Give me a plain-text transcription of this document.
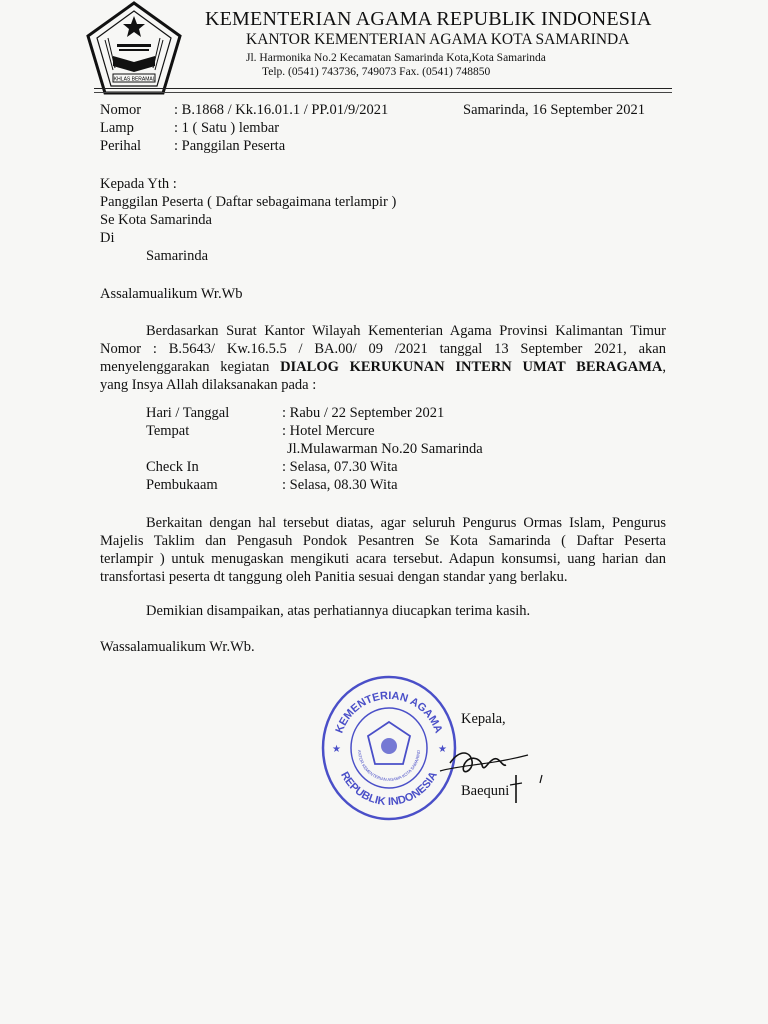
IKHLAS BERAMAL
KEMENTERIAN AGAMA REPUBLIK INDONESIA
KANTOR KEMENTERIAN AGAMA KOTA SAMARINDA
Jl. Harmonika No.2 Kecamatan Samarinda Kota,Kota Samarinda
Telp. (0541) 743736, 749073 Fax. (0541) 748850
Nomor : B.1868 / Kk.16.01.1 / PP.01/9/2021	Samarinda, 16 September 2021
Lamp	: 1 ( Satu ) lembar
Perihal : Panggilan Peserta
Kepada Yth :
Panggilan Peserta ( Daftar sebagaimana terlampir )
Se Kota Samarinda
Di
Samarinda
Assalamualikum Wr.Wb
Berdasarkan Surat Kantor Wilayah Kementerian Agama Provinsi Kalimantan Timur
Nomor : B.5643/ Kw.16.5.5 / BA.00/ 09 /2021 tanggal 13 September 2021, akan
menyelenggarakan kegiatan DIALOG KERUKUNAN INTERN UMAT BERAGAMA,
yang Insya Allah dilaksanakan pada :
Hari / Tanggal	: Rabu / 22 September 2021
Tempat	: Hotel Mercure
Jl.Mulawarman No.20 Samarinda
Check In	: Selasa, 07.30 Wita
Pembukaam	: Selasa, 08.30 Wita
Berkaitan dengan hal tersebut diatas, agar seluruh Pengurus Ormas Islam, Pengurus
Majelis Taklim dan Pengasuh Pondok Pesantren Se Kota Samarinda ( Daftar Peserta
terlampir ) untuk menugaskan mengikuti acara tersebut. Adapun konsumsi, uang harian dan
transfortasi peserta dt tanggung oleh Panitia sesuai dengan standar yang berlaku.
Demikian disampaikan, atas perhatiannya diucapkan terima kasih.
Wassalamualikum Wr.Wb.
★	★
KEMENTERIAN AGAMA
REPUBLIK INDONESIA
ANTOR KEMENTERIAN AGAMA KOTA SAMARIND
Kepala,
Baequni
